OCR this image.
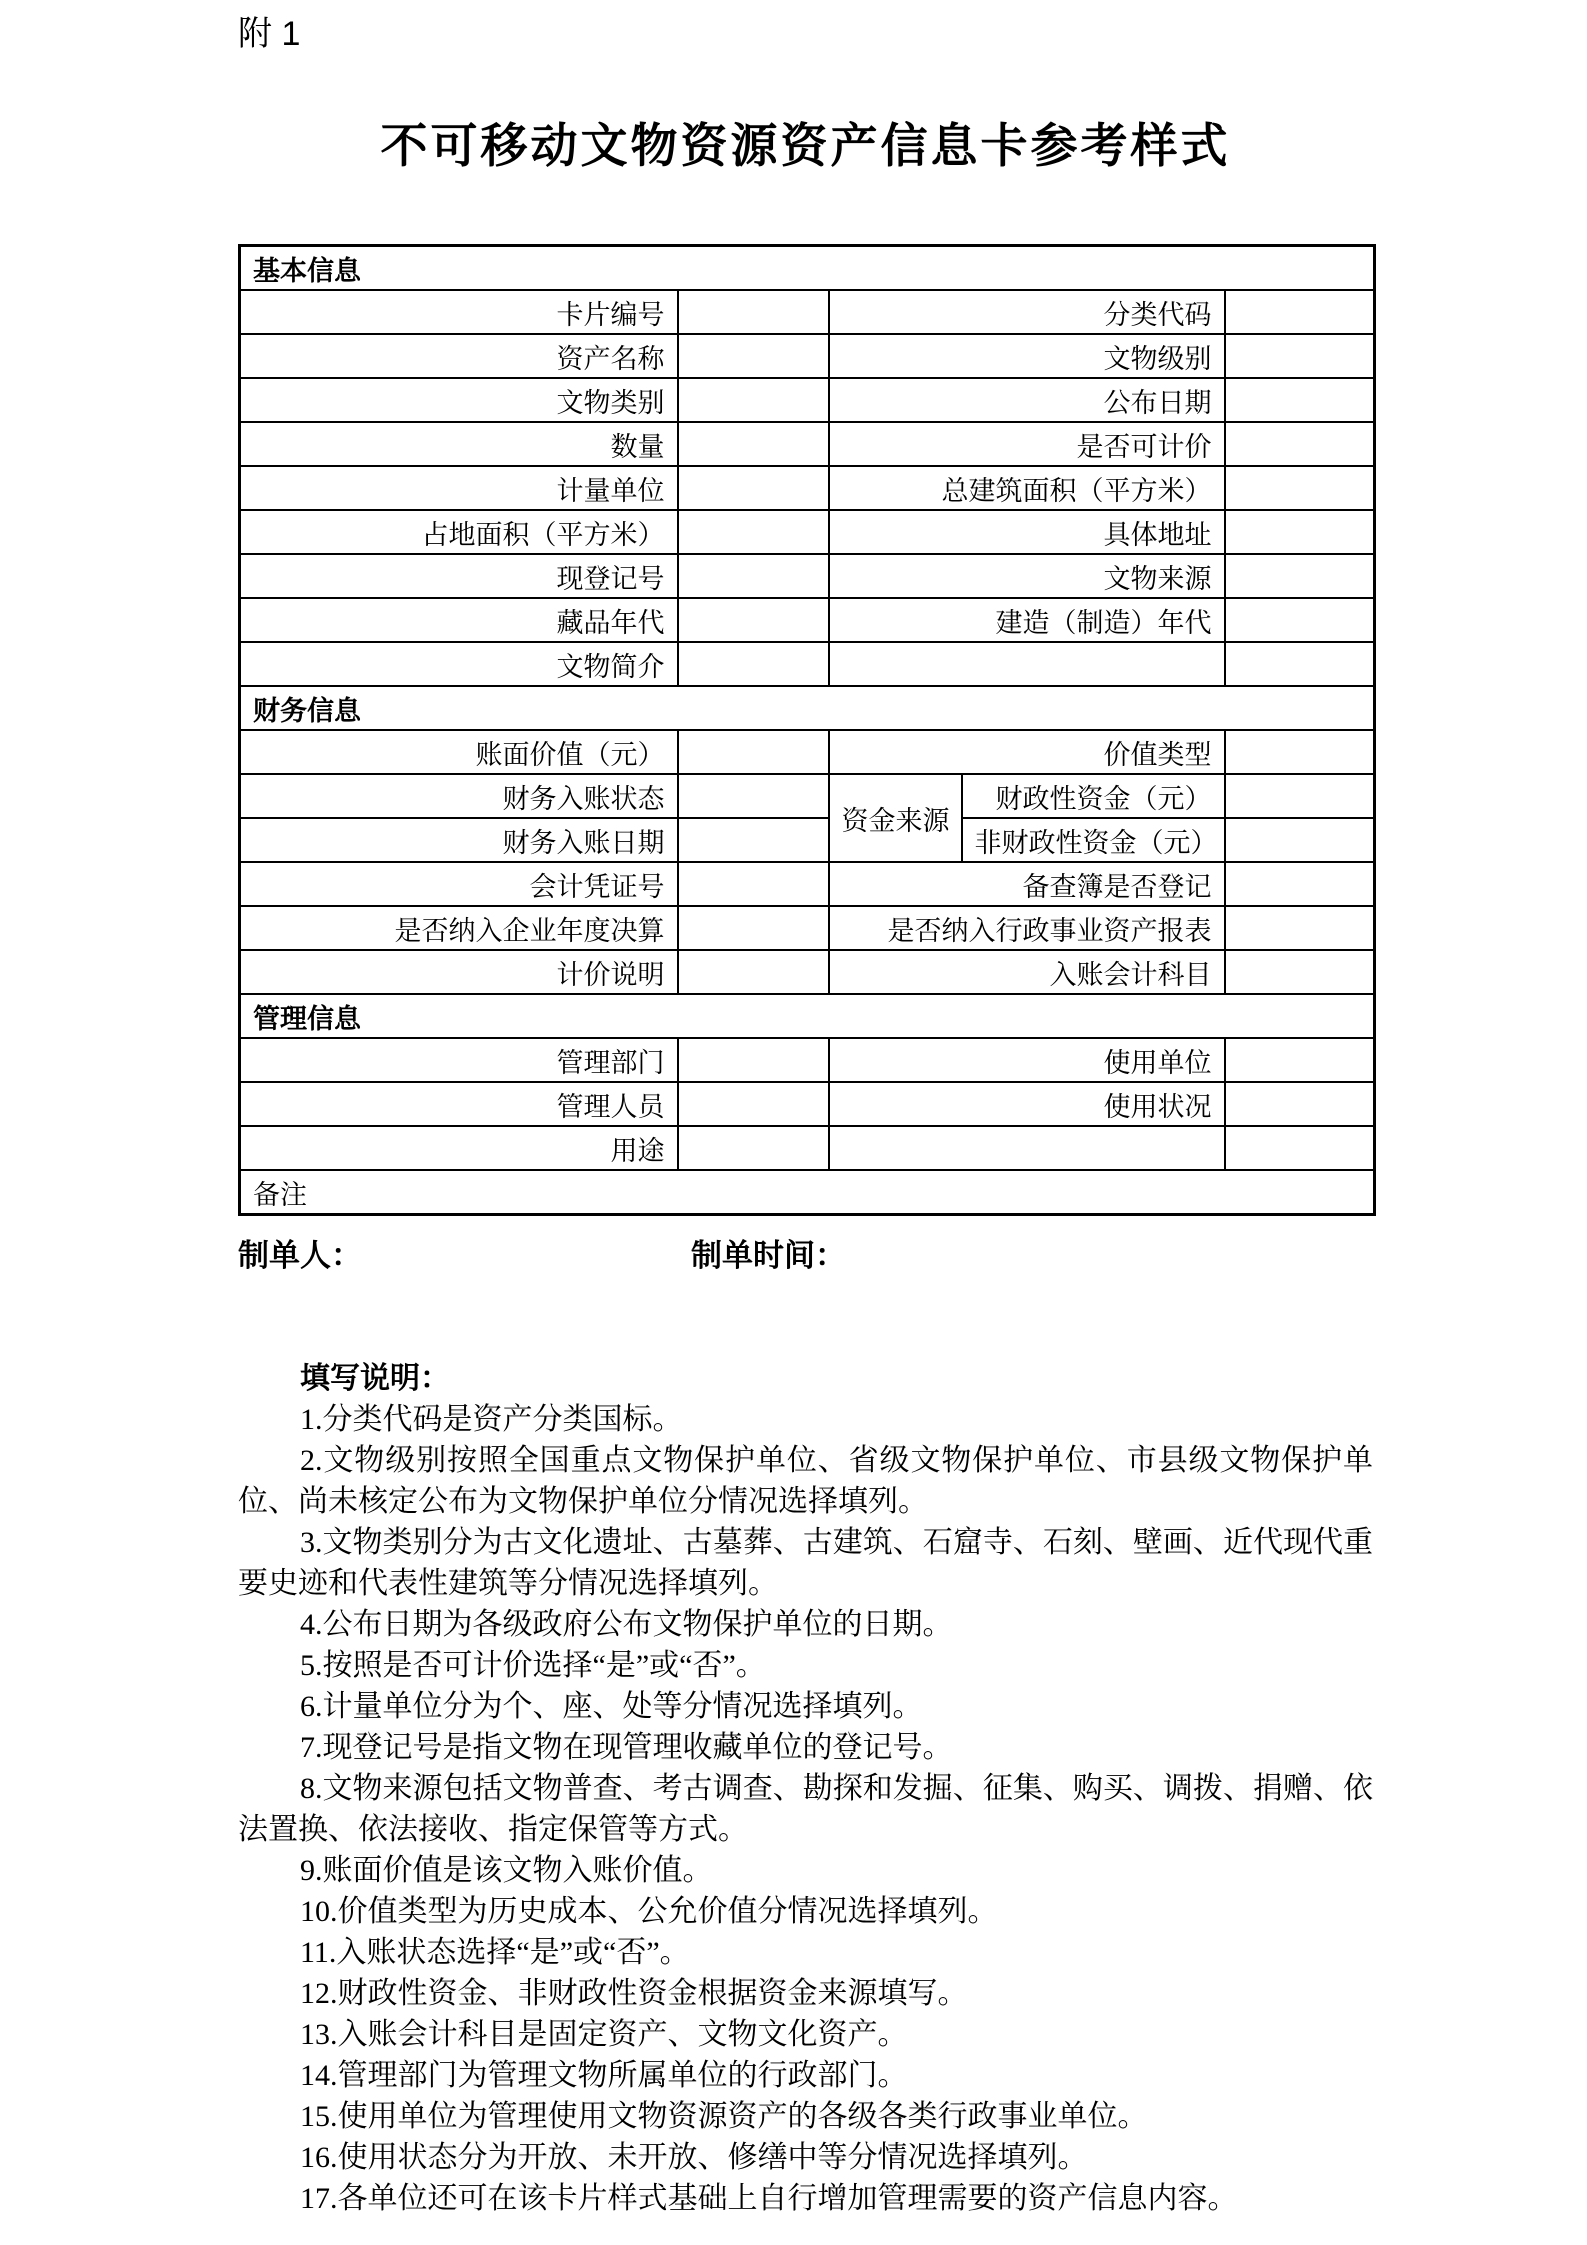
附 1
不可移动文物资源资产信息卡参考样式
基本信息				
卡片编号		分类代码		
资产名称		文物级别		
文物类别		公布日期		
数量		是否可计价		
计量单位		总建筑面积（平方米）		
占地面积（平方米）		具体地址		
现登记号		文物来源		
藏品年代		建造（制造）年代		
文物简介				
财务信息				
账面价值（元）		价值类型		
财务入账状态		资金来源	财政性资金（元）	
财务入账日期			非财政性资金（元）	
会计凭证号		备查簿是否登记		
是否纳入企业年度决算		是否纳入行政事业资产报表		
计价说明		入账会计科目		
管理信息				
管理部门		使用单位		
管理人员		使用状况		
用途				
备注				
制单人：	制单时间：

填写说明：

1.分类代码是资产分类国标。

2.文物级别按照全国重点文物保护单位、省级文物保护单位、市县级文物保护单位、尚未核定公布为文物保护单位分情况选择填列。

3.文物类别分为古文化遗址、古墓葬、古建筑、石窟寺、石刻、壁画、近代现代重要史迹和代表性建筑等分情况选择填列。

4.公布日期为各级政府公布文物保护单位的日期。

5.按照是否可计价选择“是”或“否”。

6.计量单位分为个、座、处等分情况选择填列。

7.现登记号是指文物在现管理收藏单位的登记号。

8.文物来源包括文物普查、考古调查、勘探和发掘、征集、购买、调拨、捐赠、依法置换、依法接收、指定保管等方式。

9.账面价值是该文物入账价值。

10.价值类型为历史成本、公允价值分情况选择填列。

11.入账状态选择“是”或“否”。

12.财政性资金、非财政性资金根据资金来源填写。

13.入账会计科目是固定资产、文物文化资产。

14.管理部门为管理文物所属单位的行政部门。

15.使用单位为管理使用文物资源资产的各级各类行政事业单位。

16.使用状态分为开放、未开放、修缮中等分情况选择填列。

17.各单位还可在该卡片样式基础上自行增加管理需要的资产信息内容。
